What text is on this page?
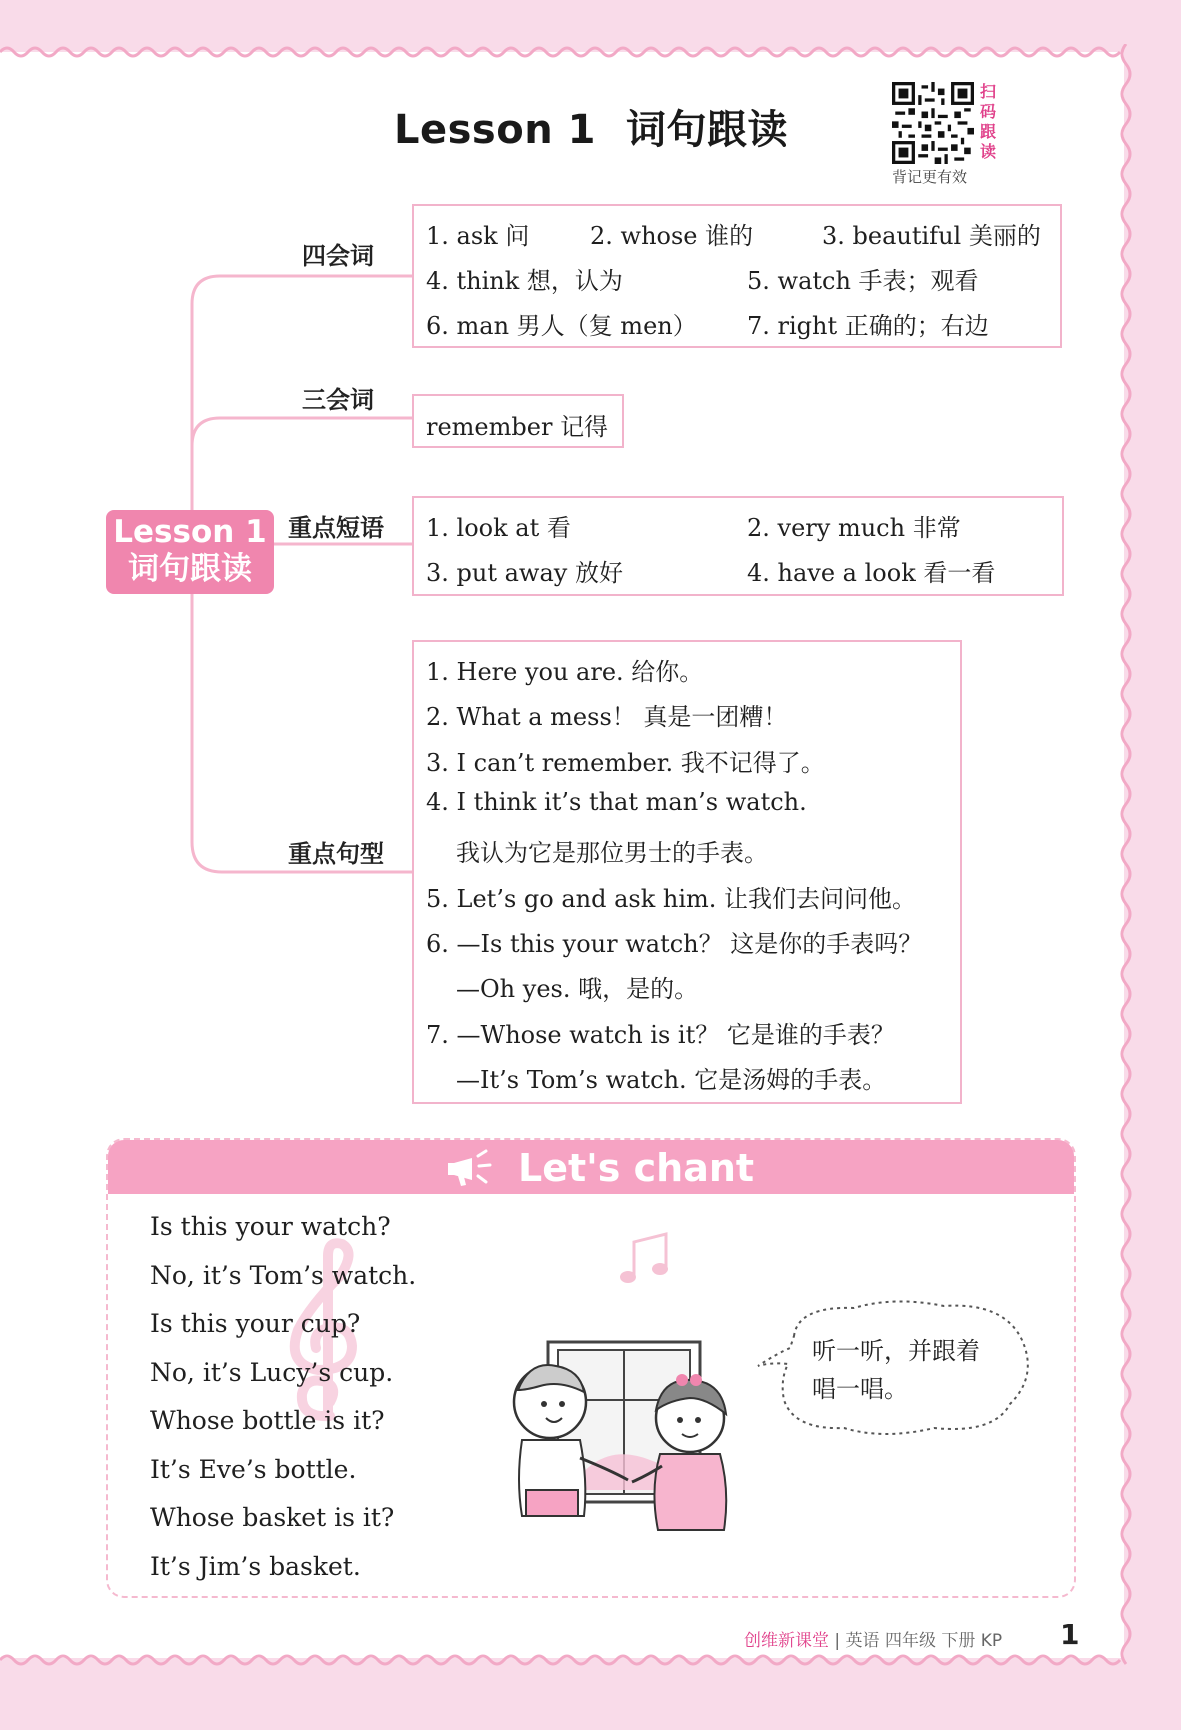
Lesson 1 词句跟读
扫
码
跟
读
背记更有效
Lesson 1
词句跟读
四会词
三会词
重点短语
重点句型
1. ask 问	2. whose 谁的	3. beautiful 美丽的
4. think 想，认为	5. watch 手表；观看
6. man 男人（复 men） 7. right 正确的；右边
remember 记得
1. look at 看	2. very much 非常
3. put away 放好	4. have a look 看一看
1. Here you are. 给你。
2. What a mess！ 真是一团糟！
3. I can’t remember. 我不记得了。
4. I think it’s that man’s watch.
我认为它是那位男士的手表。
5. Let’s go and ask him. 让我们去问问他。
6. —Is this your watch？ 这是你的手表吗？
—Oh yes. 哦，是的。
7. —Whose watch is it？ 它是谁的手表？
—It’s Tom’s watch. 它是汤姆的手表。
Let's chant
Is this your watch?
No, it’s Tom’s watch.
Is this your cup?
No, it’s Lucy’s cup.
Whose bottle is it?
It’s Eve’s bottle.
Whose basket is it?
It’s Jim’s basket.
听一听，并跟着
唱一唱。
创维新课堂 | 英语 四年级 下册 KP 1
